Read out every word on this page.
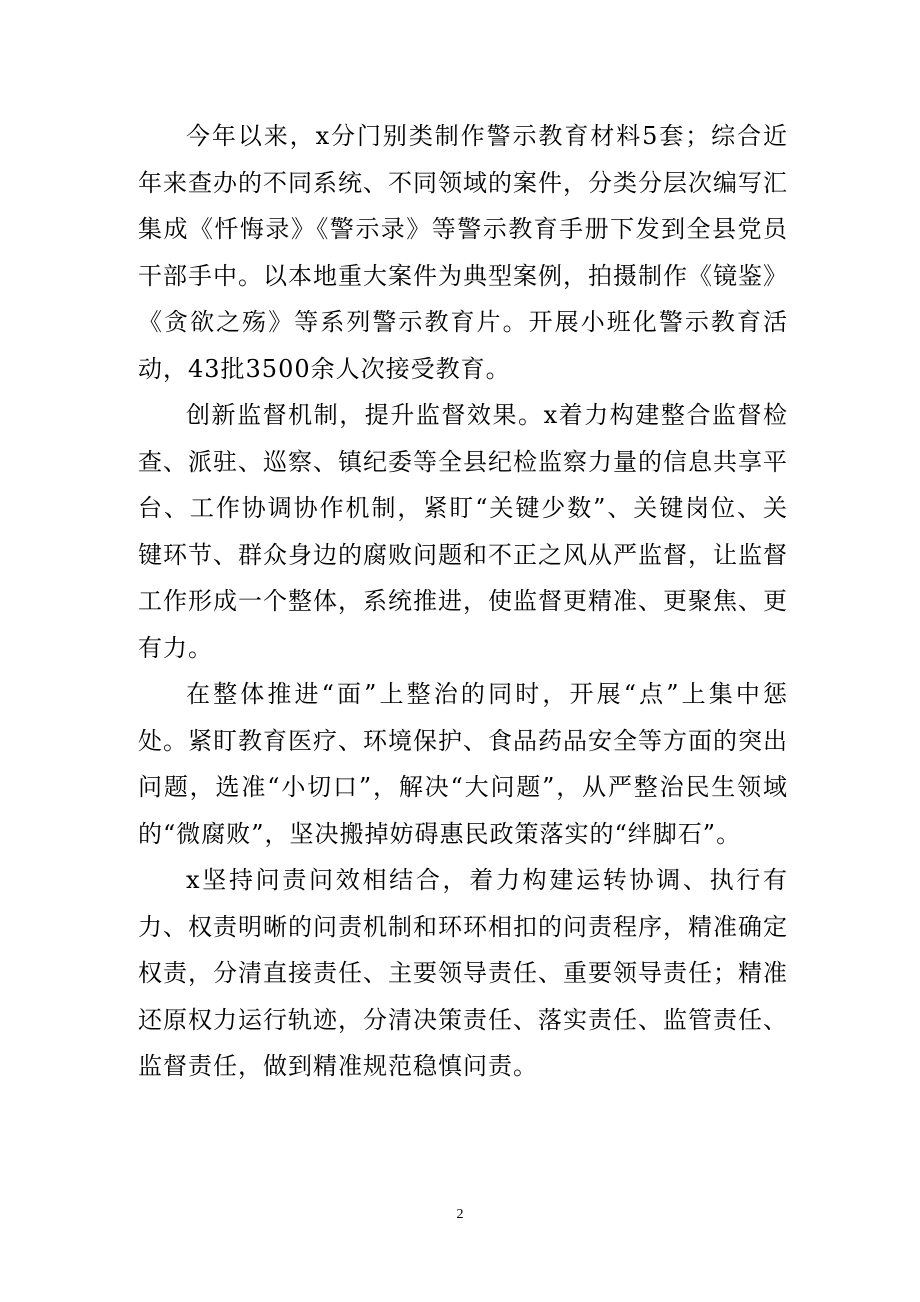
今年以来，x分门别类制作警示教育材料5套；综合近年来查办的不同系统、不同领域的案件，分类分层次编写汇集成《忏悔录》《警示录》等警示教育手册下发到全县党员干部手中。以本地重大案件为典型案例，拍摄制作《镜鉴》《贪欲之殇》等系列警示教育片。开展小班化警示教育活动，43批3500余人次接受教育。

创新监督机制，提升监督效果。x着力构建整合监督检查、派驻、巡察、镇纪委等全县纪检监察力量的信息共享平台、工作协调协作机制，紧盯“关键少数”、关键岗位、关键环节、群众身边的腐败问题和不正之风从严监督，让监督工作形成一个整体，系统推进，使监督更精准、更聚焦、更有力。

在整体推进“面”上整治的同时，开展“点”上集中惩处。紧盯教育医疗、环境保护、食品药品安全等方面的突出问题，选准“小切口”，解决“大问题”，从严整治民生领域的“微腐败”，坚决搬掉妨碍惠民政策落实的“绊脚石”。

x坚持问责问效相结合，着力构建运转协调、执行有力、权责明晰的问责机制和环环相扣的问责程序，精准确定权责，分清直接责任、主要领导责任、重要领导责任；精准还原权力运行轨迹，分清决策责任、落实责任、监管责任、监督责任，做到精准规范稳慎问责。

2
